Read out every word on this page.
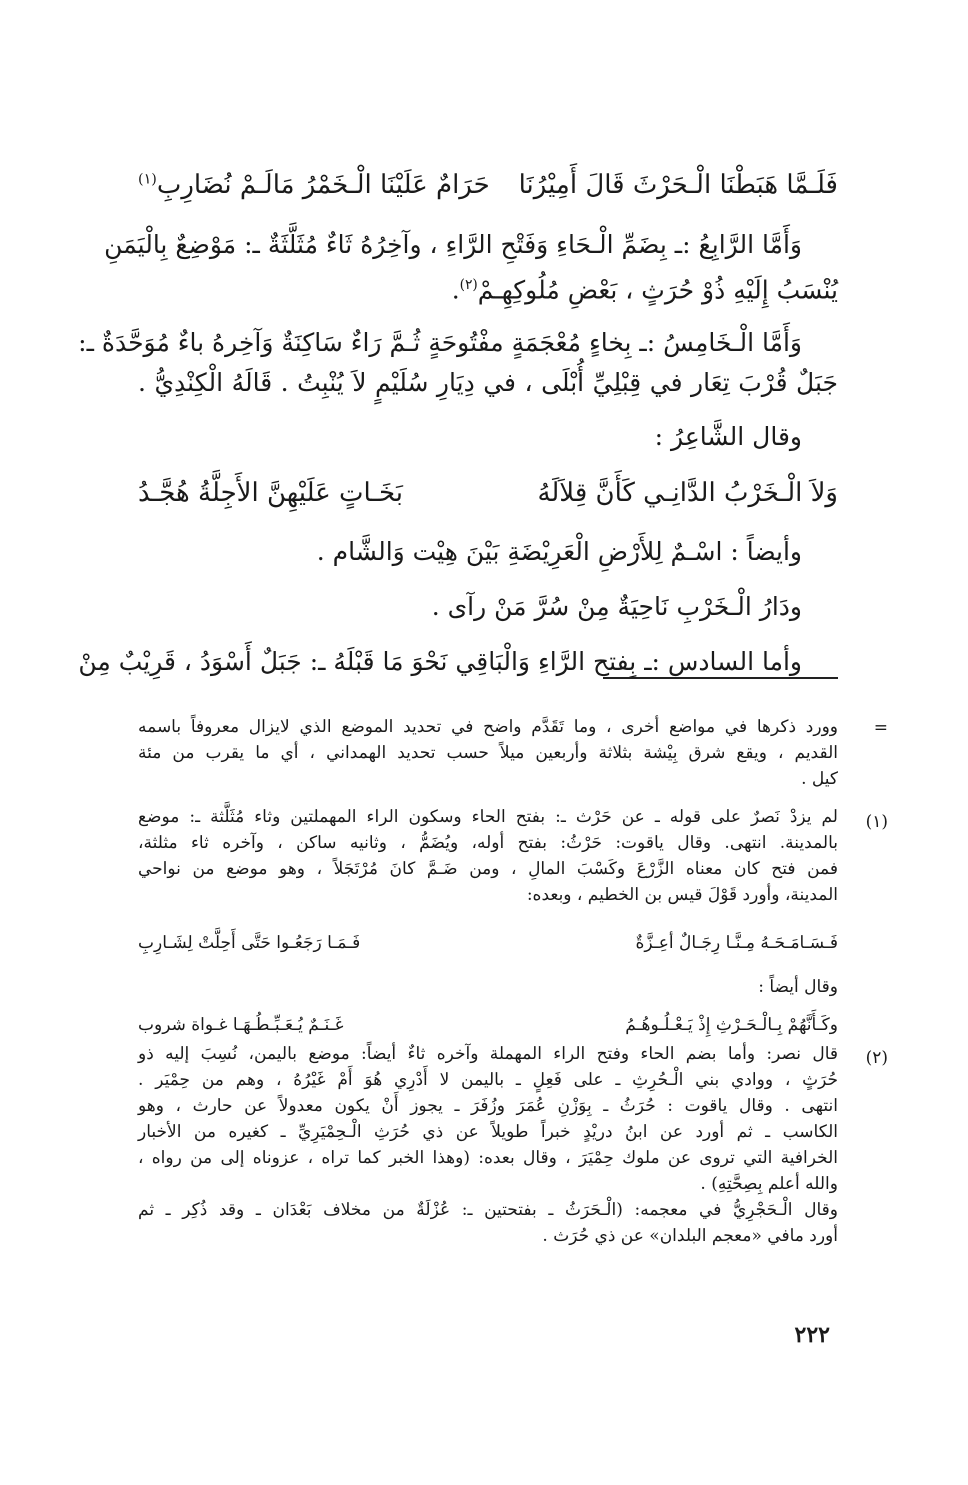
فَلَـمَّا هَبَطْنَا الْـحَرْثَ قَالَ أَمِيْرُنَا
حَرَامٌ عَلَيْنَا الْـخَمْرُ مَالَـمْ نُضَارِبِ$^{(١)}$
وَأَمَّا الرَّابِعُ :ـ بِضَمِّ الْـحَاءِ وَفَتْحِ الرَّاءِ ، وآخِرُهُ ثَاءٌ مُثَلَّثَةٌ ـ: مَوْضِعٌ بِالْيَمَنِ
يُنْسَبُ إِلَيْهِ ذُوْ حُرَثٍ ، بَعْضِ مُلُوكِهِـمْ$^{(٢)}$.
وَأَمَّا الْـخَامِسُ :ـ بِخاءٍ مُعْجَمَةٍ مفْتُوحَةٍ ثُـمَّ رَاءٌ سَاكِنَةٌ وَآخِرهُ باءٌ مُوَحَّدَةٌ ـ:
جَبَلٌ قُرْبَ تِعَار في قِبْلِيِّ أُبْلَى ، في دِيَارِ سُلَيْمٍ لاَ يُنْبِتُ . قَالَهُ الْكِنْدِيُّ .
وقال الشَّاعِرُ :
وَلاَ الْـخَرْبُ الدَّانِـي كَأَنَّ قِلاَلَهُ
بَخَـاتٍ عَلَيْهِنَّ الأَجِلَّةُ هُجَّـدُ
وأيضاً : اسْـمٌ لِلأَرْضِ الْعَرِيْضَةِ بَيْنَ هِيْت وَالشَّام .
ودَارُ الْـخَرْبِ نَاحِيَةٌ مِنْ سُرَّ مَنْ رآى .
وأما السادس :ـ بِفتح الرَّاءِ وَالْبَاقِي نَحْوَ مَا قَبْلَهُ ـ: جَبَلٌ أَسْوَدُ ، قَرِيْبٌ مِنْ
=
وورد ذكرها في مواضع أخرى ، وما تَقَدَّم واضح في تحديد الموضع الذي لايزال معروفاً باسمه
القديم ، ويقع شرق بِيْشة بثلاثة وأربعين ميلاً حسب تحديد الهمداني ، أي ما يقرب من مئة
كيل .
(١)
لم يزدْ نَصرٌ على قوله ـ عن حَرْث ـ: بفتح الحاء وسكون الراء المهملتين وثاء مُثَلَّثة ـ: موضع
بالمدينة. انتهى. وقال ياقوت: حَرْثُ: بفتح أوله، ويُضَمُّ ، وثانيه ساكن ، وآخره ثاء مثلثة،
فمن فتح كان معناه الزَّرْعَ وكَسْبَ المالِ ، ومن ضَـمَّ كانَ مُرْتَجَلاً ، وهو موضع من نواحي
المدينة، وأورد قَوْلَ قيس بن الخطيم ، وبعده:
فَـسَـامَـحَـهُ مِـنَّـا رِجَـالٌ أعِـزَّةٌ
فَـمَـا رَجَعُـوا حَتَّى أَحِلَّتْ لِشَـارِبِ
وقال أيضاً :
وكَـأَنَّهُمْ بِـالْـحَـرْثِ إِذْ يَـعْـلُـوهُـمُ
غَـنَـمٌ يُـعَـبِّـطُـهَـا غـواة شروب
(٢)
قال نصر: وأما بضم الحاء وفتح الراء المهملة وآخره ثاءٌ أيضاً: موضع باليمن، نُسِبَ إليه ذو
حُرَثٍ ، ووادي بني الْـحُرِثِ ـ على فَعِلٍ ـ باليمن لا أَدْرِي هُوَ أَمْ غَيْرُهُ ، وهم من حِمْيَر .
انتهى . وقال ياقوت : حُرَثُ ـ بِوَزْنِ عُمَرَ وزُفَرَ ـ يجوز أَنْ يكون معدولاً عن حارث ، وهو
الكاسب ـ ثم أورد عن ابنُ دريْدٍ خبراً طويلاً عن ذي حُرَثِ الْـحِمْيَرِيِّ ـ كغيره من الأخبار
الخرافية التي تروى عن ملوك حِمْيَرَ ، وقال بعده: (وهذا الخبر كما تراه ، عزوناه إلى من رواه ،
والله أعلم بِصِحَّتِهِ) .
وقال الْـحَجْرِيُّ في معجمه: (الْـحَرَثُ ـ بفتحتين ـ: عُزْلَةٌ من مخلاف بَعْدَان ـ وقد ذُكِر ـ ثم
أورد مافي «معجم البلدان» عن ذي حُرَث .
٢٢٢
